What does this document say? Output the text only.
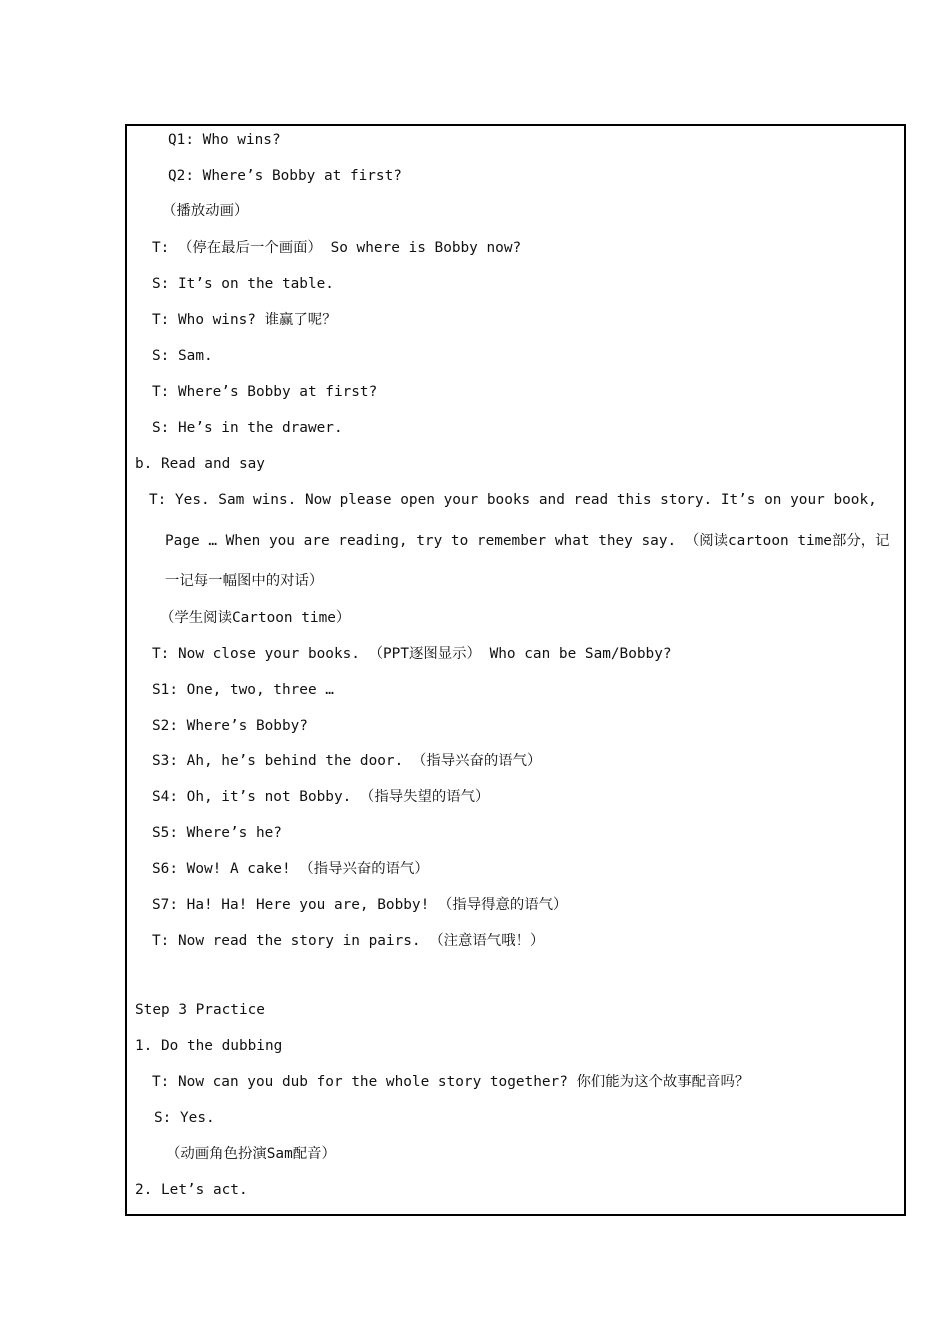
Q1: Who wins?
Q2: Where’s Bobby at first?
（播放动画）
T: （停在最后一个画面） So where is Bobby now?
S: It’s on the table.
T: Who wins? 谁赢了呢？
S: Sam.
T: Where’s Bobby at first?
S: He’s in the drawer.
b. Read and say
T: Yes. Sam wins. Now please open your books and read this story. It’s on your book,
Page … When you are reading, try to remember what they say. （阅读cartoon time部分，记
一记每一幅图中的对话）
（学生阅读Cartoon time）
T: Now close your books. （PPT逐图显示） Who can be Sam/Bobby?
S1: One, two, three …
S2: Where’s Bobby?
S3: Ah, he’s behind the door. （指导兴奋的语气）
S4: Oh, it’s not Bobby. （指导失望的语气）
S5: Where’s he?
S6: Wow! A cake! （指导兴奋的语气）
S7: Ha! Ha! Here you are, Bobby! （指导得意的语气）
T: Now read the story in pairs. （注意语气哦！）
Step 3 Practice
1. Do the dubbing
T: Now can you dub for the whole story together? 你们能为这个故事配音吗？
S: Yes.
（动画角色扮演Sam配音）
2. Let’s act.
